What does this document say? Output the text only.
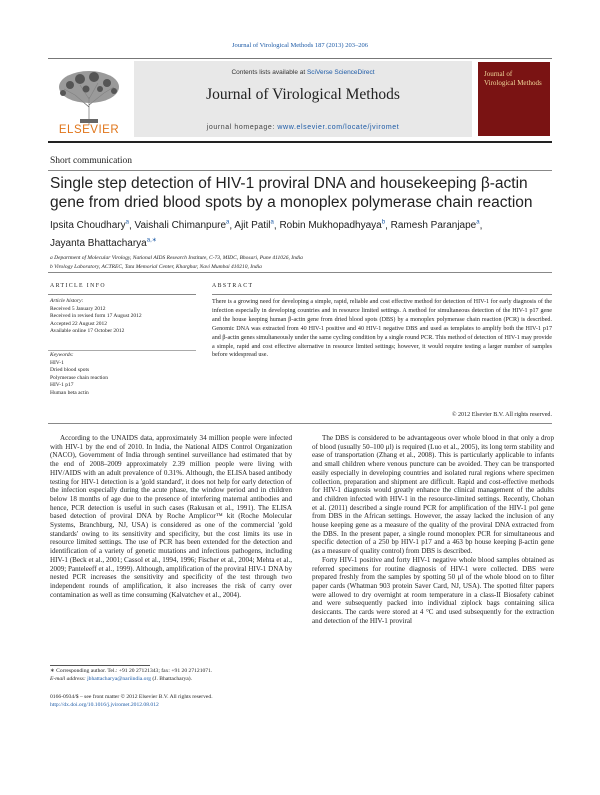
Journal of Virological Methods 187 (2013) 203–206
ELSEVIER
Contents lists available at SciVerse ScienceDirect
Journal of Virological Methods
journal homepage: www.elsevier.com/locate/jviromet
Journal of Virological Methods
Short communication
Single step detection of HIV-1 proviral DNA and housekeeping β-actin gene from dried blood spots by a monoplex polymerase chain reaction
Ipsita Choudhary$^a$, Vaishali Chimanpure$^a$, Ajit Patil$^a$, Robin Mukhopadhyaya$^b$, Ramesh Paranjape$^a$, Jayanta Bhattacharya$^{a,∗}$
a Department of Molecular Virology, National AIDS Research Institute, C-73, MIDC, Bhosari, Pune 411026, India
b Virology Laboratory, ACTREC, Tata Memorial Center, Kharghar, Navi Mumbai 410210, India
ARTICLE INFO	ABSTRACT
Article history:
Received 5 January 2012
Received in revised form 17 August 2012
Accepted 22 August 2012
Available online 17 October 2012
Keywords:
HIV-1
Dried blood spots
Polymerase chain reaction
HIV-1 p17
Human beta actin

There is a growing need for developing a simple, rapid, reliable and cost effective method for detection of HIV-1 for early diagnosis of the infection especially in developing countries and in resource limited settings. A method for simultaneous detection of the HIV-1 p17 gene and the house keeping human β-actin gene from dried blood spots (DBS) by a monoplex polymerase chain reaction (PCR) is described. Genomic DNA was extracted from 40 HIV-1 positive and 40 HIV-1 negative DBS and used as templates to amplify both the HIV-1 p17 and β-actin genes simultaneously under the same cycling condition by a single round PCR. This method of detection of HIV-1 may provide a simple, rapid and cost effective alternative in resource limited settings; however, it would require testing a larger number of samples before widespread use.

© 2012 Elsevier B.V. All rights reserved.

According to the UNAIDS data, approximately 34 million people were infected with HIV-1 by the end of 2010. In India, the National AIDS Control Organization (NACO), Government of India through sentinel surveillance had estimated that by the end of 2008–2009 approximately 2.39 million people were living with HIV/AIDS with an adult prevalence of 0.31%. Although, the ELISA based antibody testing for HIV-1 detection is a 'gold standard', it does not help for early detection of the infection especially during the acute phase, the window period and in children below 18 months of age due to the presence of interfering maternal antibodies and hence, PCR detection is useful in such cases (Rakusan et al., 1991). The ELISA based detection of proviral DNA by Roche Amplicor™ kit (Roche Molecular Systems, Branchburg, NJ, USA) is considered as one of the commercial 'gold standards' owing to its sensitivity and specificity, but the cost limits its use in resource limited settings. The use of PCR has been extended for the detection and identification of a variety of genetic mutations and infectious pathogens, including HIV-1 (Beck et al., 2001; Cassol et al., 1994, 1996; Fischer et al., 2004; Mehta et al., 2009; Panteleeff et al., 1999). Although, amplification of the proviral HIV-1 DNA by nested PCR increases the sensitivity and specificity of the test through two independent rounds of amplification, it also increases the risk of carry over contamination as well as time consuming (Kalvatchev et al., 2004).

The DBS is considered to be advantageous over whole blood in that only a drop of blood (usually 50–100 μl) is required (Luo et al., 2005), its long term stability and ease of transportation (Zhang et al., 2008). This is particularly applicable to infants and small children where venous puncture can be avoided. They can be transported easily especially in developing countries and isolated rural regions where specimen collection, preparation and shipment are difficult. Rapid and cost-effective methods for HIV-1 diagnosis would greatly enhance the clinical management of the adults and children infected with HIV-1 in the resource-limited settings. Recently, Chohan et al. (2011) described a single round PCR for amplification of the HIV-1 pol gene from DBS in the African settings. However, the assay lacked the inclusion of any house keeping gene as a measure of the quality of the proviral DNA extracted from the DBS. In the present paper, a single round monoplex PCR for simultaneous and specific detection of a 250 bp HIV-1 p17 and a 463 bp house keeping β-actin gene (as a measure of quality control) from DBS is described.

Forty HIV-1 positive and forty HIV-1 negative whole blood samples obtained as referred specimens for routine diagnosis of HIV-1 were collected. DBS were prepared freshly from the samples by spotting 50 μl of the whole blood on to filter paper cards (Whatman 903 protein Saver Card, NJ, USA). The spotted filter papers were allowed to dry overnight at room temperature in a class-II Biosafety cabinet and were subsequently packed into individual ziplock bags containing silica desiccants. The cards were stored at 4 °C and used subsequently for the extraction and detection of the HIV-1 proviral

∗ Corresponding author. Tel.: +91 20 27121343; fax: +91 20 27121071.
E-mail address: jbhattacharya@nariindia.org (J. Bhattacharya).
0166-0934/$ – see front matter © 2012 Elsevier B.V. All rights reserved.
http://dx.doi.org/10.1016/j.jviromet.2012.08.012
